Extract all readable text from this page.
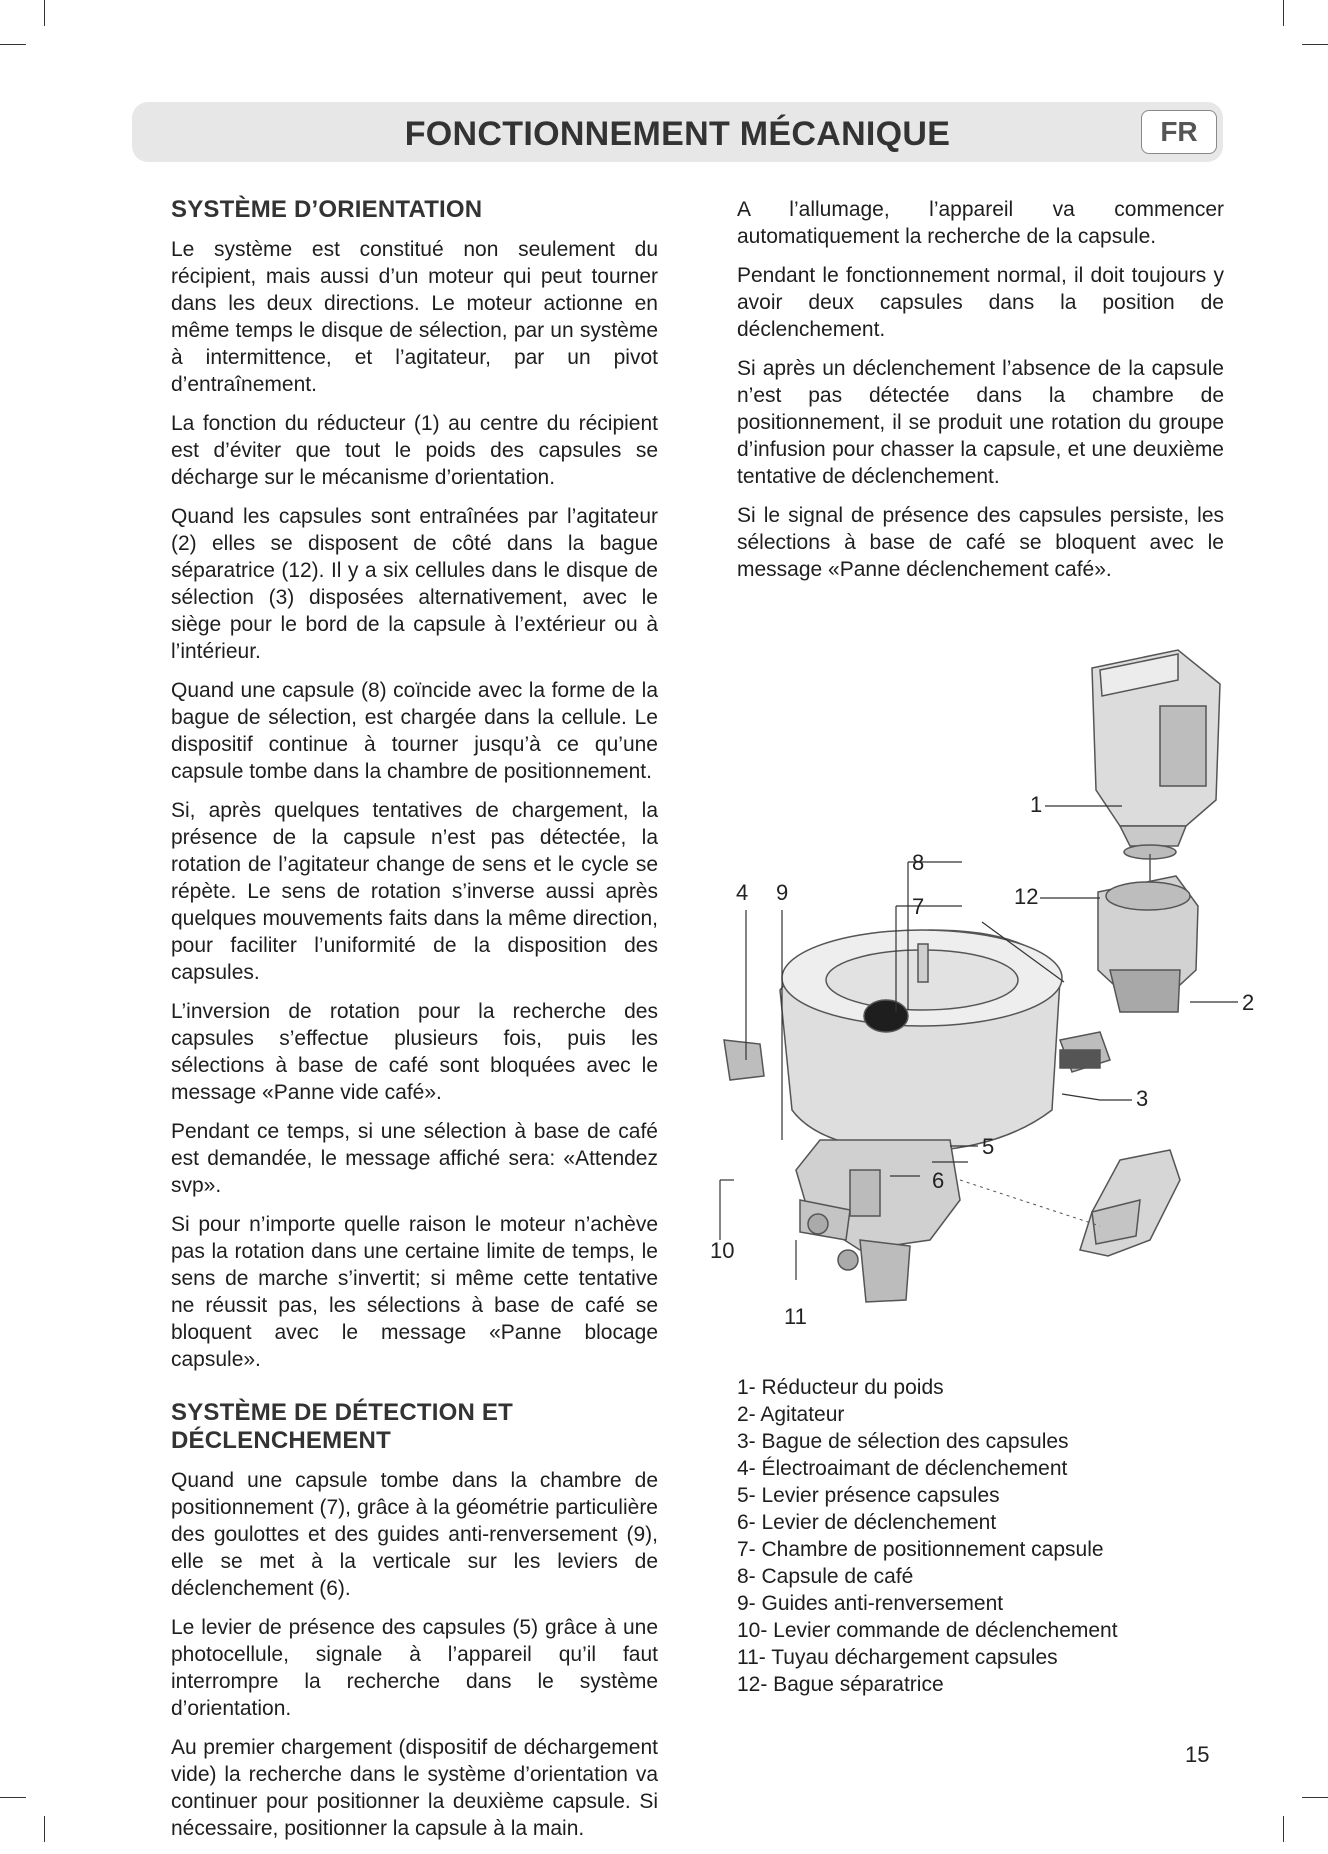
FONCTIONNEMENT MÉCANIQUE	FR
SYSTÈME D’ORIENTATION

Le système est constitué non seulement du récipient, mais aussi d’un moteur qui peut tourner dans les deux directions. Le moteur actionne en même temps le disque de sélection, par un système à intermittence, et l’agitateur, par un pivot d’entraînement.

La fonction du réducteur (1) au centre du récipient est d’éviter que tout le poids des capsules se décharge sur le mécanisme d’orientation.

Quand les capsules sont entraînées par l’agitateur (2) elles se disposent de côté dans la bague séparatrice (12). Il y a six cellules dans le disque de sélection (3) disposées alternativement, avec le siège pour le bord de la capsule à l’extérieur ou à l’intérieur.

Quand une capsule (8) coïncide avec la forme de la bague de sélection, est chargée dans la cellule. Le dispositif continue à tourner jusqu’à ce qu’une capsule tombe dans la chambre de positionnement.

Si, après quelques tentatives de chargement, la présence de la capsule n’est pas détectée, la rotation de l’agitateur change de sens et le cycle se répète. Le sens de rotation s’inverse aussi après quelques mouvements faits dans la même direction, pour faciliter l’uniformité de la disposition des capsules.

L’inversion de rotation pour la recherche des capsules s’effectue plusieurs fois, puis les sélections à base de café sont bloquées avec le message «Panne vide café».

Pendant ce temps, si une sélection à base de café est demandée, le message affiché sera: «Attendez svp».

Si pour n’importe quelle raison le moteur n’achève pas la rotation dans une certaine limite de temps, le sens de marche s’invertit; si même cette tentative ne réussit pas, les sélections à base de café se bloquent avec le message «Panne blocage capsule».

SYSTÈME DE DÉTECTION ET DÉCLENCHEMENT

Quand une capsule tombe dans la chambre de positionnement (7), grâce à la géométrie particulière des goulottes et des guides anti-renversement (9), elle se met à la verticale sur les leviers de déclenchement (6).

Le levier de présence des capsules (5) grâce à une photocellule, signale à l’appareil qu’il faut interrompre la recherche dans le système d’orientation.

Au premier chargement (dispositif de déchargement vide) la recherche dans le système d’orientation va continuer pour positionner la deuxième capsule. Si nécessaire, positionner la capsule à la main.

A l’allumage, l’appareil va commencer automatiquement la recherche de la capsule.

Pendant le fonctionnement normal, il doit toujours y avoir deux capsules dans la position de déclenchement.

Si après un déclenchement l’absence de la capsule n’est pas détectée dans la chambre de positionnement, il se produit une rotation du groupe d’infusion pour chasser la capsule, et une deuxième tentative de déclenchement.

Si le signal de présence des capsules persiste, les sélections à base de café se bloquent avec le message «Panne déclenchement café».

1
2
3
4
5
6
7
8
9
10
11
12
1- Réducteur du poids
2- Agitateur
3- Bague de sélection des capsules
4- Électroaimant de déclenchement
5- Levier présence capsules
6- Levier de déclenchement
7- Chambre de positionnement capsule
8- Capsule de café
9- Guides anti-renversement
10- Levier commande de déclenchement
11- Tuyau déchargement capsules
12- Bague séparatrice
15
